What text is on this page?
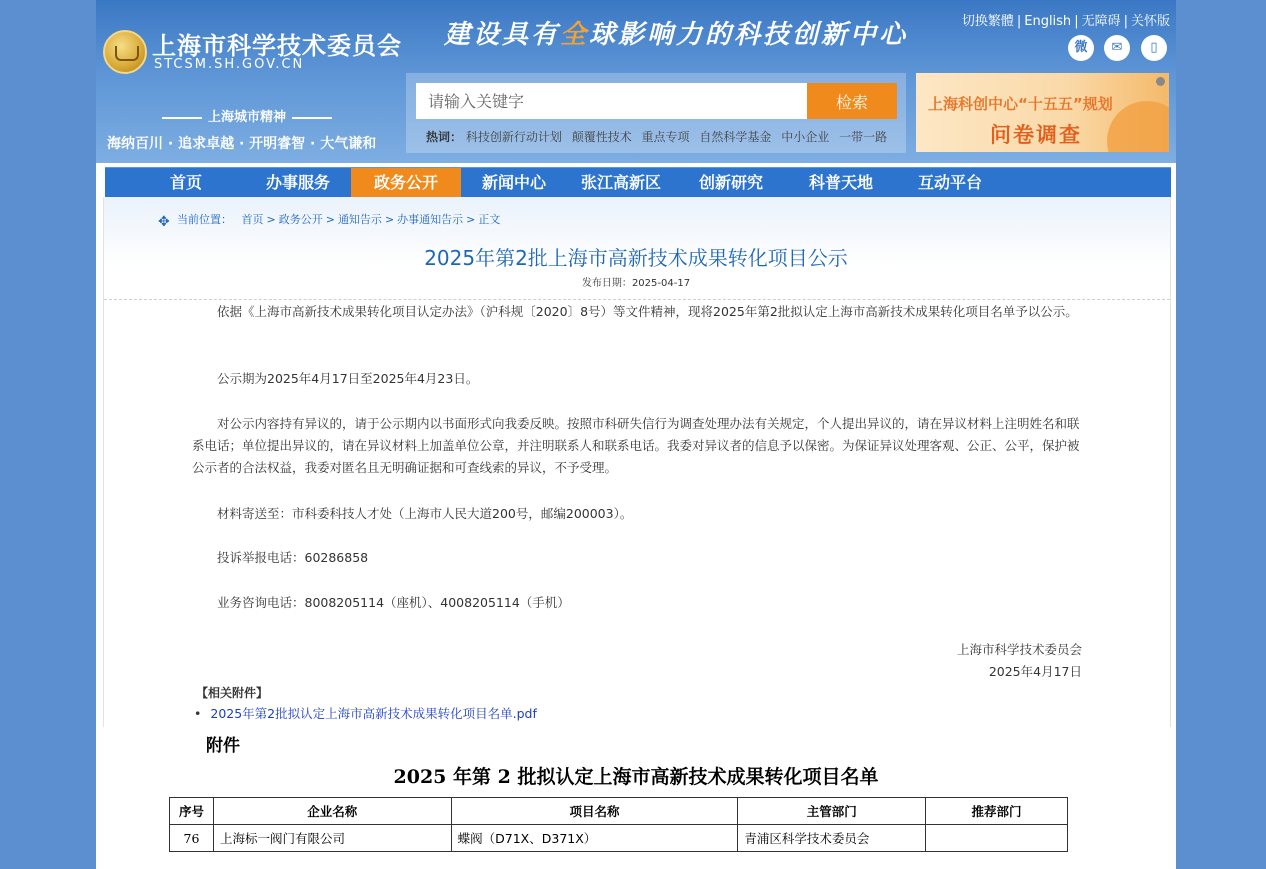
上海市科学技术委员会
STCSM.SH.GOV.CN
建设具有全球影响力的科技创新中心	切换繁體 | English | 无障碍 | 关怀版
微	✉	▯
上海城市精神
海纳百川 · 追求卓越 · 开明睿智 · 大气谦和
请输入关键字
检索
热词： 科技创新行动计划 颠覆性技术 重点专项 自然科学基金 中小企业 一带一路
上海科创中心“十五五”规划
问卷调查
首页	办事服务	政务公开	新闻中心	张江高新区	创新研究	科普天地	互动平台
✥ 当前位置： 首页 > 政务公开 > 通知告示 > 办事通知告示 > 正文
2025年第2批上海市高新技术成果转化项目公示
发布日期：2025-04-17

依据《上海市高新技术成果转化项目认定办法》（沪科规〔2020〕8号）等文件精神，现将2025年第2批拟认定上海市高新技术成果转化项目名单予以公示。

公示期为2025年4月17日至2025年4月23日。

对公示内容持有异议的，请于公示期内以书面形式向我委反映。按照市科研失信行为调查处理办法有关规定，个人提出异议的，请在异议材料上注明姓名和联系电话；单位提出异议的，请在异议材料上加盖单位公章，并注明联系人和联系电话。我委对异议者的信息予以保密。为保证异议处理客观、公正、公平，保护被公示者的合法权益，我委对匿名且无明确证据和可查线索的异议，不予受理。

材料寄送至：市科委科技人才处（上海市人民大道200号，邮编200003）。

投诉举报电话：60286858

业务咨询电话：8008205114（座机）、4008205114（手机）

上海市科学技术委员会
2025年4月17日
【相关附件】
• 2025年第2批拟认定上海市高新技术成果转化项目名单.pdf
附件
2025 年第 2 批拟认定上海市高新技术成果转化项目名单
序号	企业名称	项目名称	主管部门	推荐部门
76	上海标一阀门有限公司	蝶阀（D71X、D371X）	青浦区科学技术委员会	
